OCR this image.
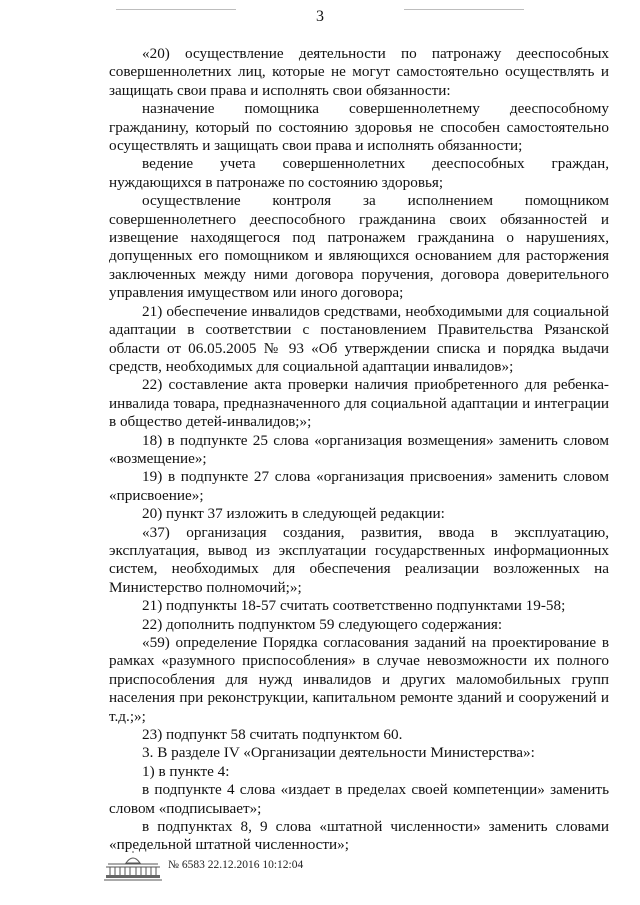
3

«20) осуществление деятельности по патронажу дееспособных совершеннолетних лиц, которые не могут самостоятельно осуществлять и защищать свои права и исполнять свои обязанности:

назначение помощника совершеннолетнему дееспособному гражданину, который по состоянию здоровья не способен самостоятельно осуществлять и защищать свои права и исполнять обязанности;

ведение учета совершеннолетних дееспособных граждан, нуждающихся в патронаже по состоянию здоровья;

осуществление контроля за исполнением помощником совершеннолетнего дееспособного гражданина своих обязанностей и извещение находящегося под патронажем гражданина о нарушениях, допущенных его помощником и являющихся основанием для расторжения заключенных между ними договора поручения, договора доверительного управления имуществом или иного договора;

21) обеспечение инвалидов средствами, необходимыми для социальной адаптации в соответствии с постановлением Правительства Рязанской области от 06.05.2005 № 93 «Об утверждении списка и порядка выдачи средств, необходимых для социальной адаптации инвалидов»;

22) составление акта проверки наличия приобретенного для ребенка-инвалида товара, предназначенного для социальной адаптации и интеграции в общество детей-инвалидов;»;

18) в подпункте 25 слова «организация возмещения» заменить словом «возмещение»;

19) в подпункте 27 слова «организация присвоения» заменить словом «присвоение»;

20) пункт 37 изложить в следующей редакции:

«37) организация создания, развития, ввода в эксплуатацию, эксплуатация, вывод из эксплуатации государственных информационных систем, необходимых для обеспечения реализации возложенных на Министерство полномочий;»;

21) подпункты 18-57 считать соответственно подпунктами 19-58;

22) дополнить подпунктом 59 следующего содержания:

«59) определение Порядка согласования заданий на проектирование в рамках «разумного приспособления» в случае невозможности их полного приспособления для нужд инвалидов и других маломобильных групп населения при реконструкции, капитальном ремонте зданий и сооружений и т.д.;»;

23) подпункт 58 считать подпунктом 60.

3. В разделе IV «Организации деятельности Министерства»:

1) в пункте 4:

в подпункте 4 слова «издает в пределах своей компетенции» заменить словом «подписывает»;

в подпунктах 8, 9 слова «штатной численности» заменить словами «предельной штатной численности»;

№ 6583 22.12.2016 10:12:04
